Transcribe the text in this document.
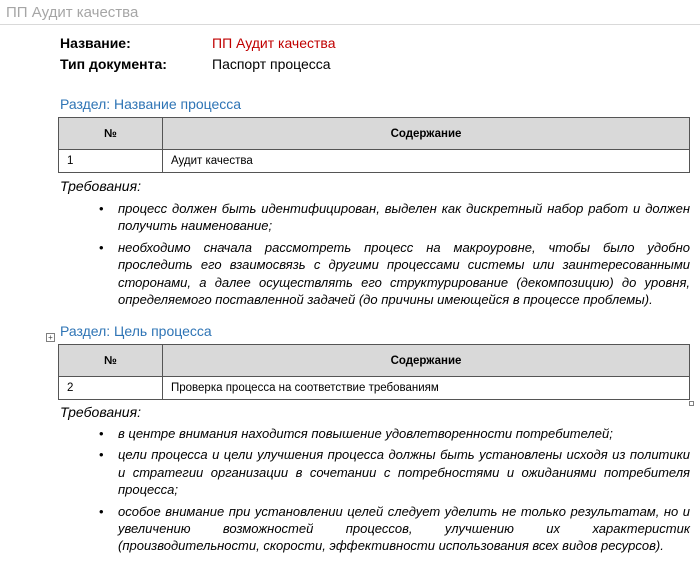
ПП Аудит качества
Название:	ПП Аудит качества
Тип документа:	Паспорт процесса
Раздел: Название процесса
№	Содержание
1	Аудит качества
Требования:
• процесс должен быть идентифицирован, выделен как дискретный набор работ и должен получить наименование;
• необходимо сначала рассмотреть процесс на макроуровне, чтобы было удобно проследить его взаимосвязь с другими процессами системы или заинтересованными сторонами, а далее осуществлять его структурирование (декомпозицию) до уровня, определяемого поставленной задачей (до причины имеющейся в процессе проблемы).
+ Раздел: Цель процесса
№	Содержание
2	Проверка процесса на соответствие требованиям
Требования:
• в центре внимания находится повышение удовлетворенности потребителей;
• цели процесса и цели улучшения процесса должны быть установлены исходя из политики и стратегии организации в сочетании с потребностями и ожиданиями потребителя процесса;
• особое внимание при установлении целей следует уделить не только результатам, но и увеличению возможностей процессов, улучшению их характеристик (производительности, скорости, эффективности использования всех видов ресурсов).
